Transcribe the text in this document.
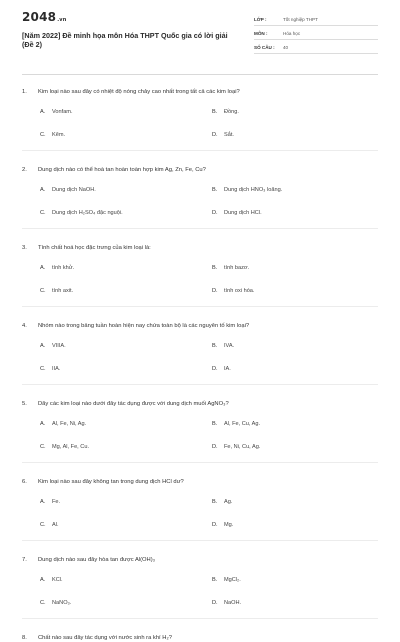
2048.vn
[Năm 2022] Đề minh họa môn Hóa THPT Quốc gia có lời giải (Đề 2)
LỚP :	Tốt nghiệp THPT
MÔN :	Hóa học
SỐ CÂU :	40
1.	Kim loại nào sau đây có nhiệt độ nóng chảy cao nhất trong tất cả các kim loại?
A.	Vonfam.	B.	Đồng.
C.	Kẽm.	D.	Sắt.
2.	Dung dịch nào có thể hoà tan hoàn toàn hợp kim Ag, Zn, Fe, Cu?
A.	Dung dịch NaOH.	B.	Dung dịch HNO₃ loãng.
C.	Dung dịch H₂SO₄ đặc nguội.	D.	Dung dịch HCl.
3.	Tính chất hoá học đặc trưng của kim loại là:
A.	tính khử.	B.	tính bazơ.
C.	tính axit.	D.	tính oxi hóa.
4.	Nhóm nào trong bảng tuần hoàn hiện nay chứa toàn bộ là các nguyên tố kim loại?
A.	VIIIA.	B.	IVA.
C.	IIA.	D.	IA.
5.	Dãy các kim loại nào dưới đây tác dụng được với dung dịch muối AgNO₃?
A.	Al, Fe, Ni, Ag.	B.	Al, Fe, Cu, Ag.
C.	Mg, Al, Fe, Cu.	D.	Fe, Ni, Cu, Ag.
6.	Kim loại nào sau đây không tan trong dung dịch HCl dư?
A.	Fe.	B.	Ag.
C.	Al.	D.	Mg.
7.	Dung dịch nào sau đây hòa tan được Al(OH)₃
A.	KCl.	B.	MgCl₂.
C.	NaNO₃.	D.	NaOH.
8.	Chất nào sau đây tác dụng với nước sinh ra khí H₂?
